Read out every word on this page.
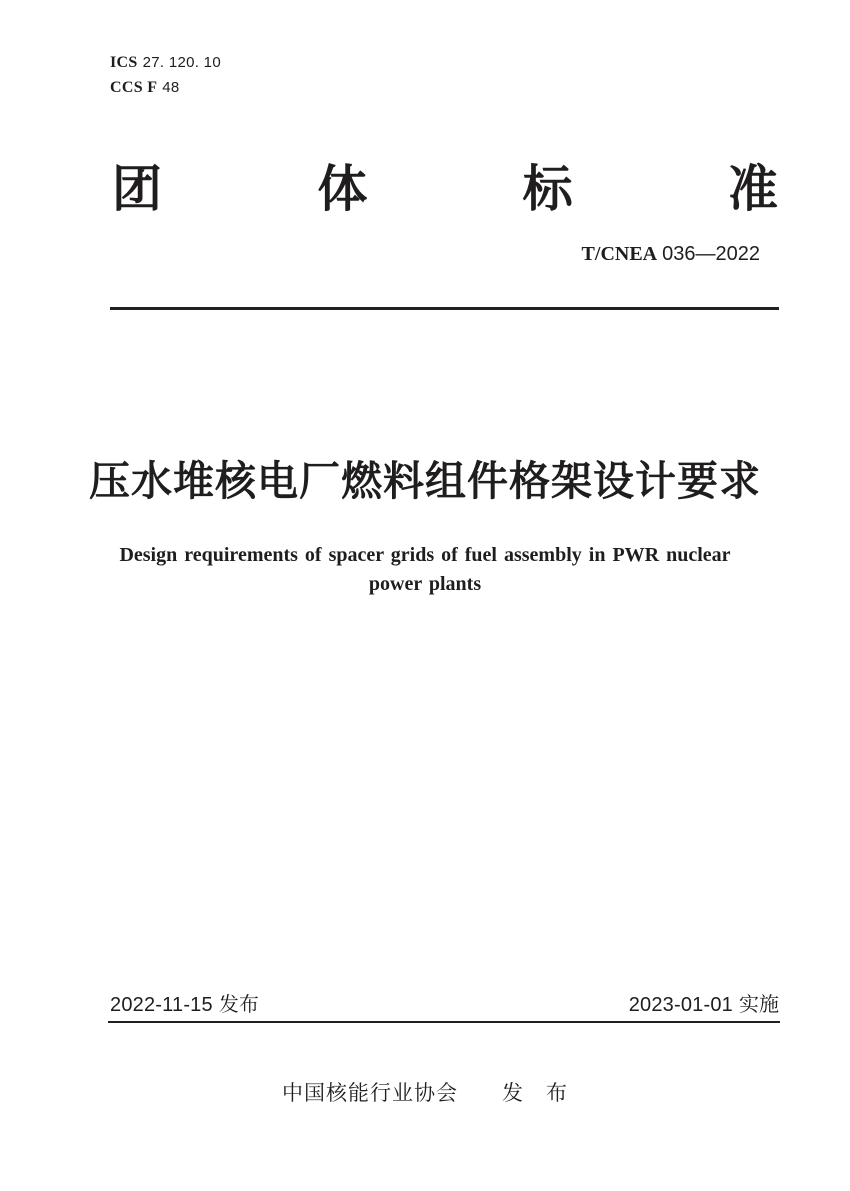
ICS 27. 120. 10
CCS F 48
团	体	标	准
T/CNEA 036—2022
压水堆核电厂燃料组件格架设计要求
Design requirements of spacer grids of fuel assembly in PWR nuclear
power plants
2022-11-15 发布	2023-01-01 实施
中国核能行业协会　　发　布
